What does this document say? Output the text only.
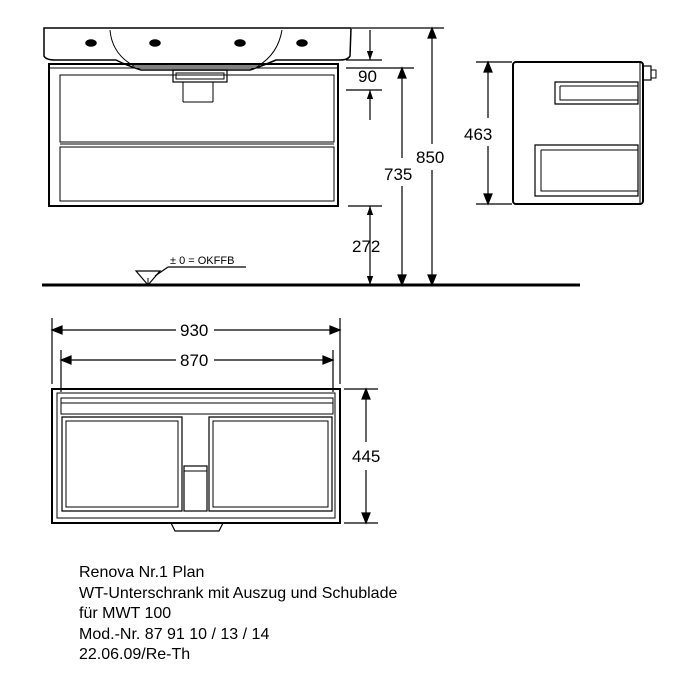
± 0 = OKFFB
90
272
735
850
463
930
870
445
Renova Nr.1 Plan
WT-Unterschrank mit Auszug und Schublade
für MWT 100
Mod.-Nr. 87 91 10 / 13 / 14
22.06.09/Re-Th
